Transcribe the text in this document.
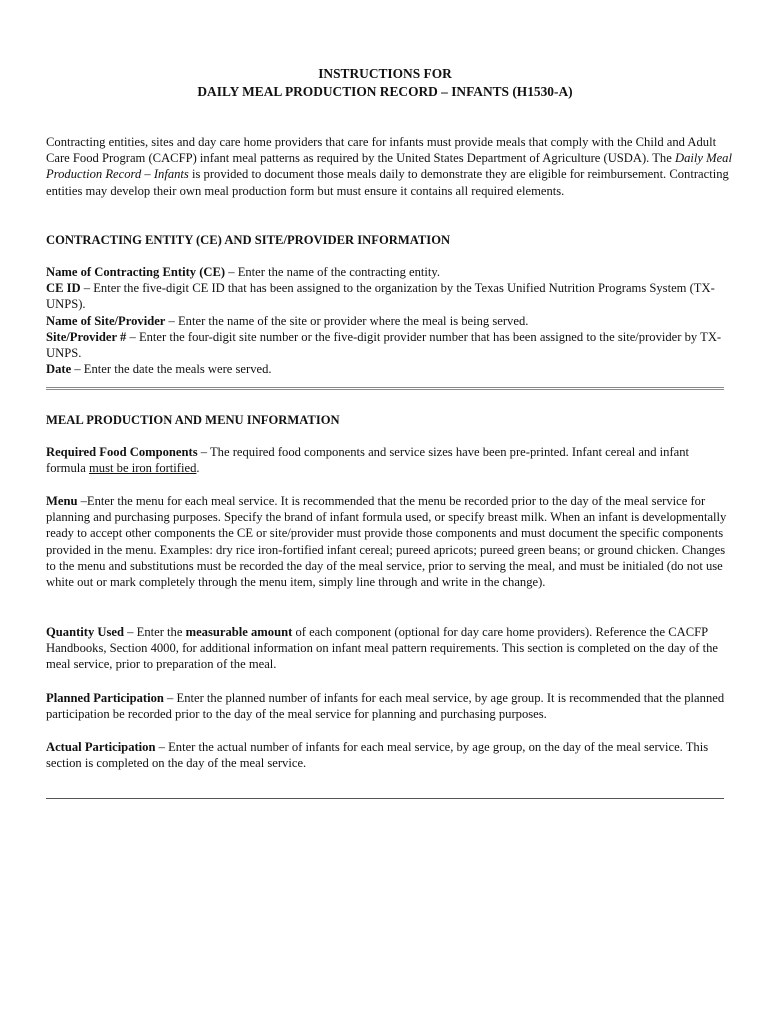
INSTRUCTIONS FOR

DAILY MEAL PRODUCTION RECORD – INFANTS (H1530-A)

Contracting entities, sites and day care home providers that care for infants must provide meals that comply with the Child and Adult Care Food Program (CACFP) infant meal patterns as required by the United States Department of Agriculture (USDA). The Daily Meal Production Record – Infants is provided to document those meals daily to demonstrate they are eligible for reimbursement. Contracting entities may develop their own meal production form but must ensure it contains all required elements.

CONTRACTING ENTITY (CE) AND SITE/PROVIDER INFORMATION

Name of Contracting Entity (CE) – Enter the name of the contracting entity.
CE ID – Enter the five-digit CE ID that has been assigned to the organization by the Texas Unified Nutrition Programs System (TX-UNPS).
Name of Site/Provider – Enter the name of the site or provider where the meal is being served.
Site/Provider # – Enter the four-digit site number or the five-digit provider number that has been assigned to the site/provider by TX-UNPS.
Date – Enter the date the meals were served.

MEAL PRODUCTION AND MENU INFORMATION

Required Food Components – The required food components and service sizes have been pre-printed. Infant cereal and infant formula must be iron fortified.

Menu –Enter the menu for each meal service. It is recommended that the menu be recorded prior to the day of the meal service for planning and purchasing purposes. Specify the brand of infant formula used, or specify breast milk. When an infant is developmentally ready to accept other components the CE or site/provider must provide those components and must document the specific components provided in the menu. Examples: dry rice iron-fortified infant cereal; pureed apricots; pureed green beans; or ground chicken. Changes to the menu and substitutions must be recorded the day of the meal service, prior to serving the meal, and must be initialed (do not use white out or mark completely through the menu item, simply line through and write in the change).

Quantity Used – Enter the measurable amount of each component (optional for day care home providers). Reference the CACFP Handbooks, Section 4000, for additional information on infant meal pattern requirements. This section is completed on the day of the meal service, prior to preparation of the meal.

Planned Participation – Enter the planned number of infants for each meal service, by age group. It is recommended that the planned participation be recorded prior to the day of the meal service for planning and purchasing purposes.

Actual Participation – Enter the actual number of infants for each meal service, by age group, on the day of the meal service. This section is completed on the day of the meal service.
